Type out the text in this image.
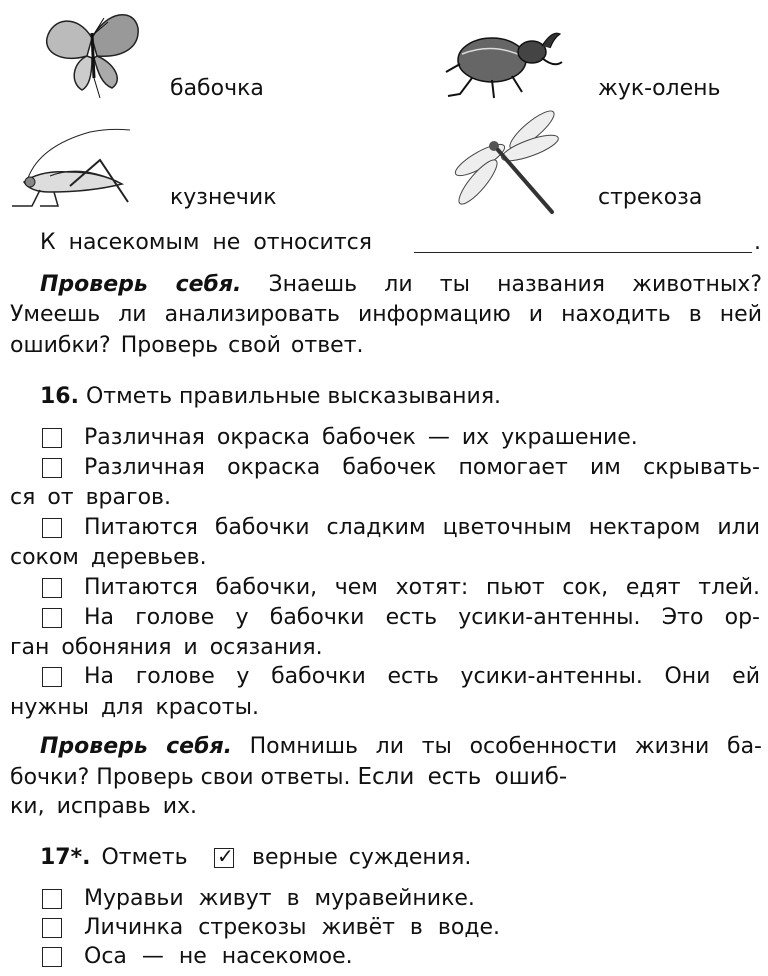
бабочка	жук-олень
кузнечик	стрекоза
К насекомым не относится	.
Проверь себя. Знаешь ли ты названия животных?
Умеешь ли анализировать информацию и находить в ней
ошибки? Проверь свой ответ.
16. Отметь правильные высказывания.
Различная окраска бабочек — их украшение.
Различная окраска бабочек помогает им скрывать-
ся от врагов.
Питаются бабочки сладким цветочным нектаром или
соком деревьев.
Питаются бабочки, чем хотят: пьют сок, едят тлей.
На голове у бабочки есть усики-антенны. Это ор-
ган обоняния и осязания.
На голове у бабочки есть усики-антенны. Они ей
нужны для красоты.
Проверь себя. Помнишь ли ты особенности жизни ба-
бочки? Проверь свои ответы. Если есть ошиб-
ки, исправь их.
17*. Отметь
✓	верные суждения.
Муравьи живут в муравейнике.
Личинка стрекозы живёт в воде.
Оса — не насекомое.
